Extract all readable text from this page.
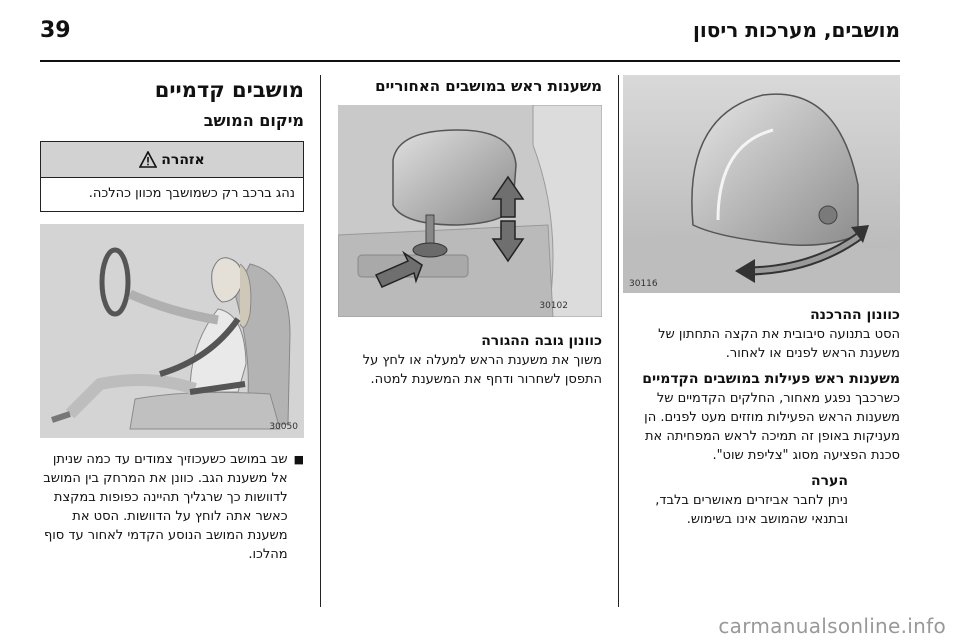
39	מושבים, מערכות ריסון
30116
כוונון ההרכנה
הסט בתנועה סיבובית את הקצה התחתון של משענת הראש לפנים או לאחור.
משענות ראש פעילות במושבים הקדמיים
כשרכבך נפגע מאחור, החלקים הקדמיים של משענות הראש הפעילות מוזזים מעט לפנים. הן מעניקות באופן זה תמיכה לראש המפחיתה את סכנת הפציעה מסוג "צליפת שוט".
הערה
ניתן לחבר אביזרים מאושרים בלבד, ובתנאי שהמושב אינו בשימוש.
משענות ראש במושבים האחוריים
30102
כוונון גובה ההגורה
משוך את משענת הראש למעלה או לחץ על התפסן לשחרור ודחף את המשענת למטה.
מושבים קדמיים
מיקום המושב
אזהרה
נהג ברכב רק כשמושבך מכוון כהלכה.
30050
■
שב במושב כשעכוזיך צמודים עד כמה שניתן אל משענת הגב. כוונן את המרחק בין המושב לדוושות כך שרגליך תהיינה כפופות במקצת כאשר אתה לוחץ על הדוושות. הסט את משענת המושב הנוסע הקדמי לאחור עד סוף מהלכו.
carmanualsonline.info
